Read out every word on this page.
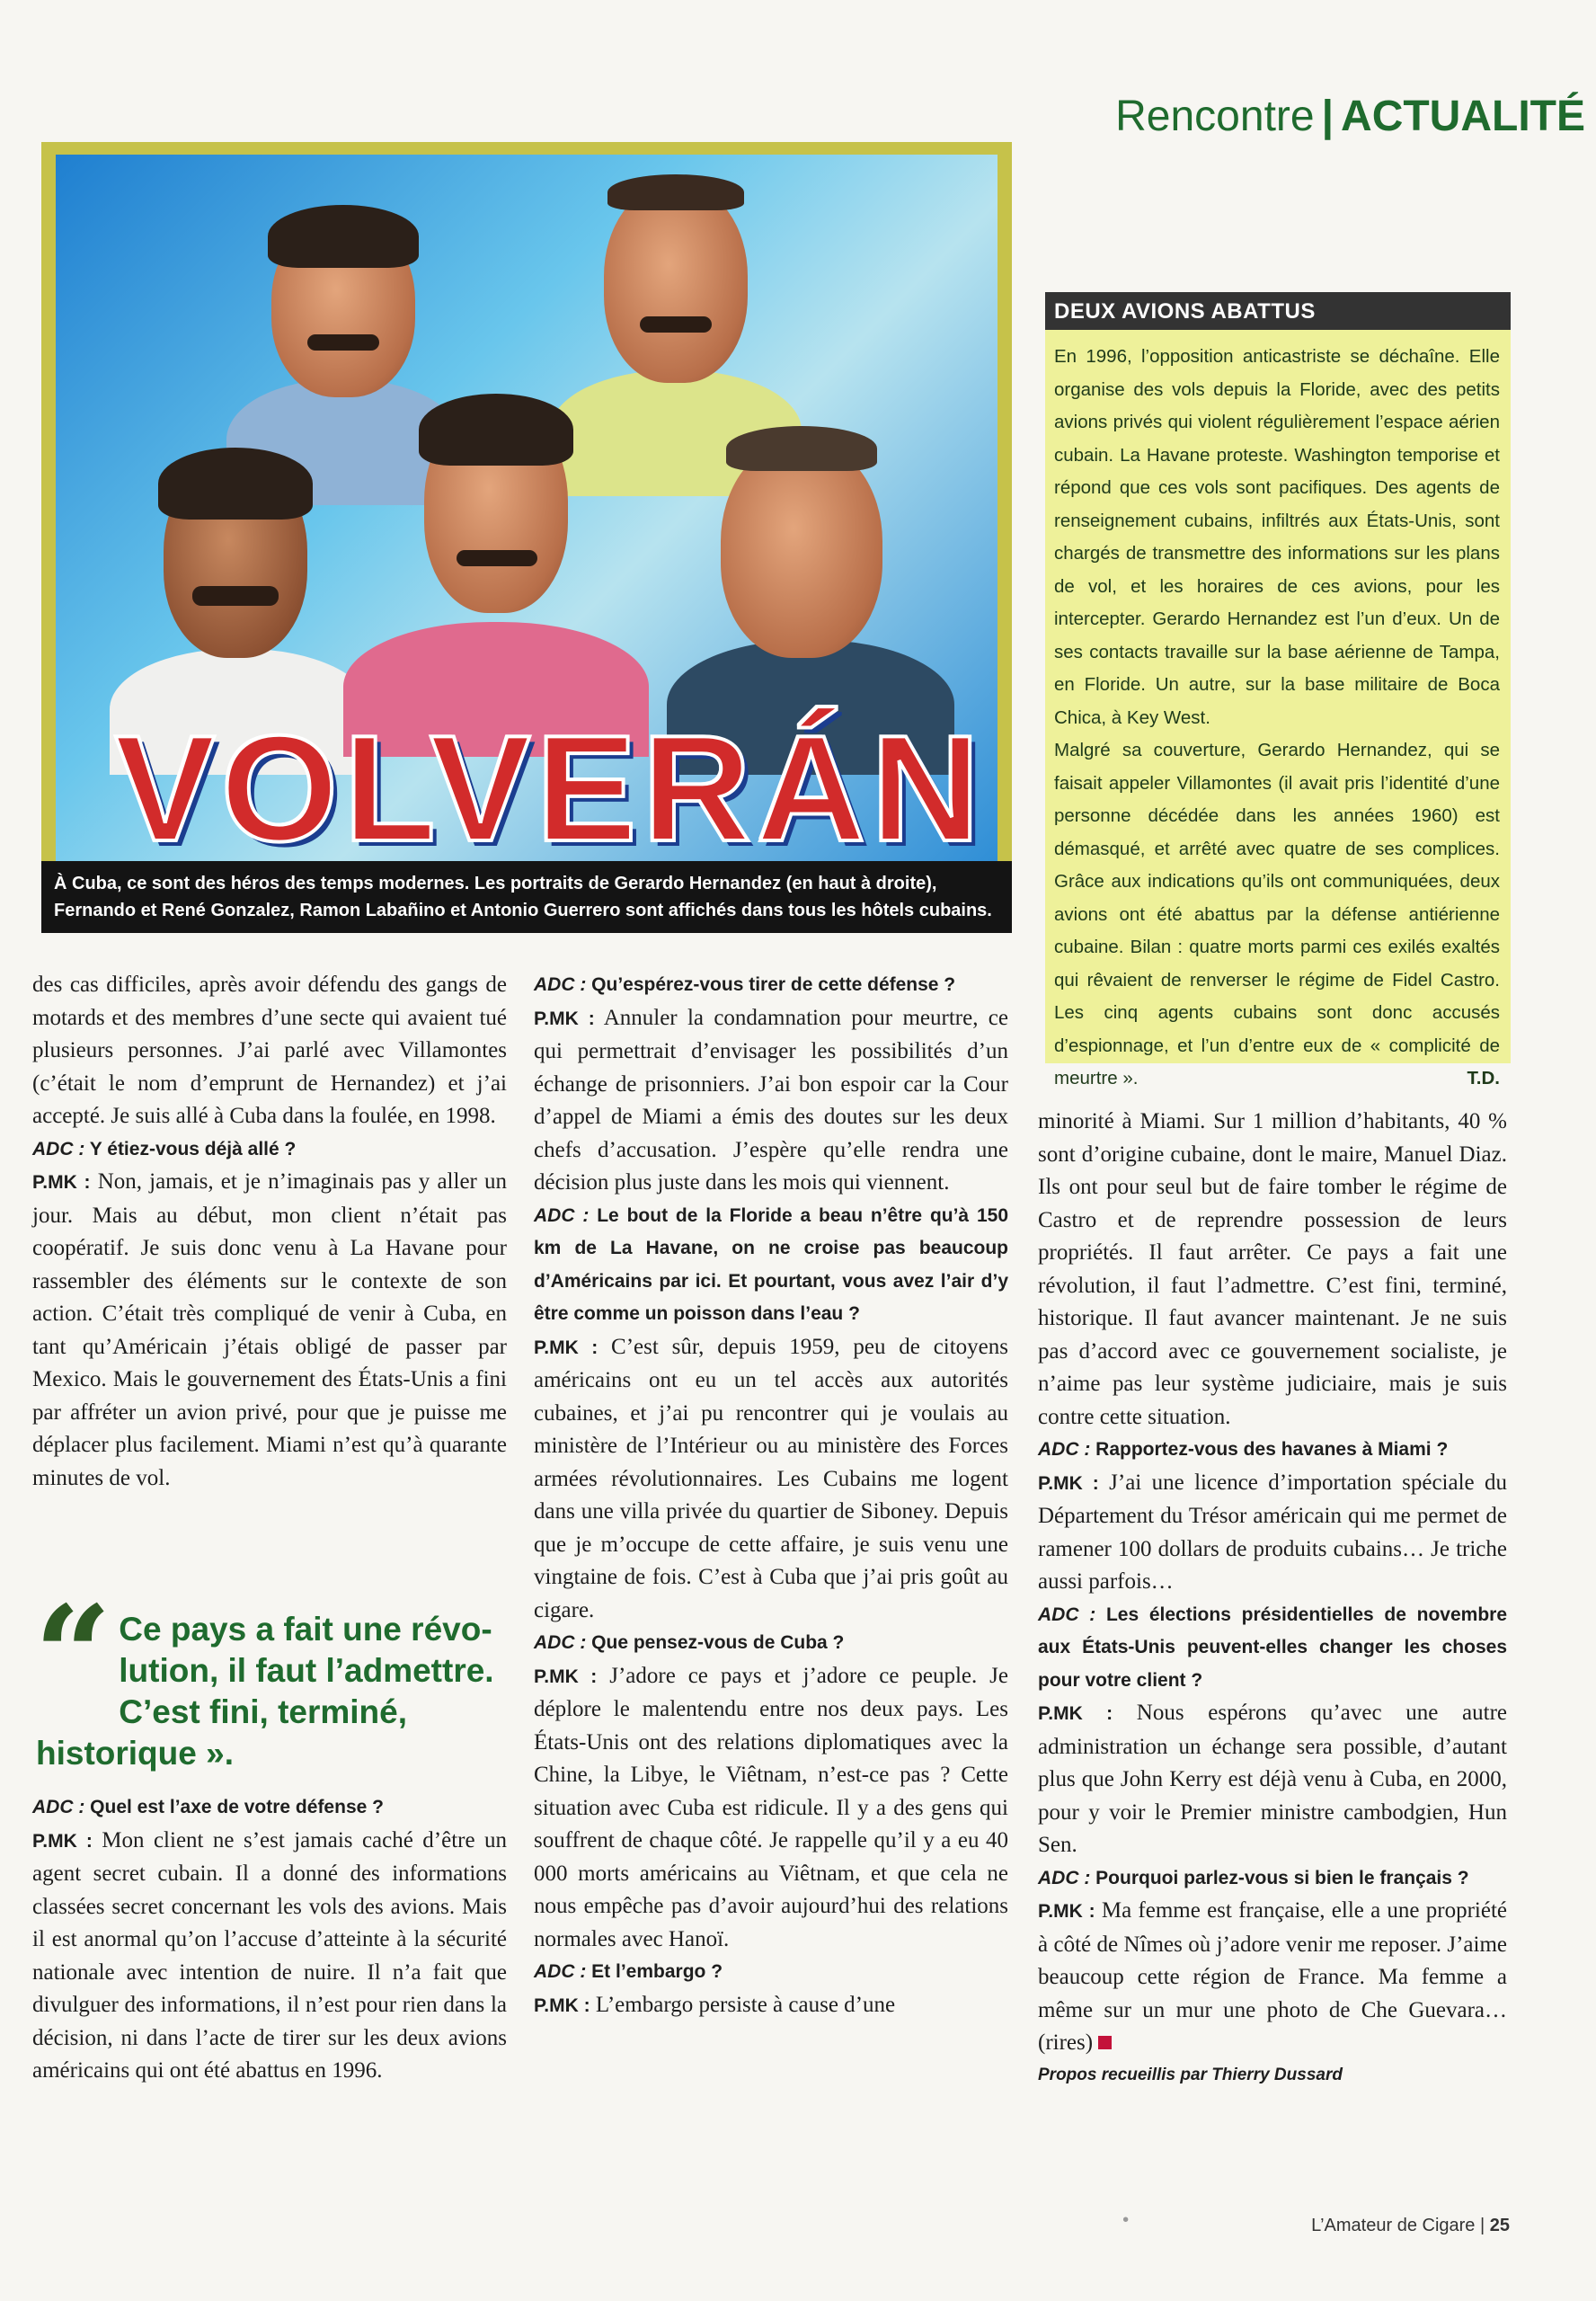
Rencontre | ACTUALITÉ
VOLVERÁN
À Cuba, ce sont des héros des temps modernes. Les portraits de Gerardo Hernandez (en haut à droite),
Fernando et René Gonzalez, Ramon Labañino et Antonio Guerrero sont affichés dans tous les hôtels cubains.
DEUX AVIONS ABATTUS

En 1996, l’opposition anticastriste se déchaîne. Elle organise des vols depuis la Floride, avec des petits avions privés qui violent régulièrement l’espace aérien cubain. La Havane proteste. Washington temporise et répond que ces vols sont pacifiques. Des agents de renseignement cubains, infiltrés aux États-Unis, sont chargés de transmettre des informations sur les plans de vol, et les horaires de ces avions, pour les intercepter. Gerardo Hernandez est l’un d’eux. Un de ses contacts travaille sur la base aérienne de Tampa, en Floride. Un autre, sur la base militaire de Boca Chica, à Key West.

Malgré sa couverture, Gerardo Hernandez, qui se faisait appeler Villamontes (il avait pris l’identité d’une personne décédée dans les années 1960) est démasqué, et arrêté avec quatre de ses complices. Grâce aux indications qu’ils ont communiquées, deux avions ont été abattus par la défense antiérienne cubaine. Bilan : quatre morts parmi ces exilés exaltés qui rêvaient de renverser le régime de Fidel Castro. Les cinq agents cubains sont donc accusés d’espionnage, et l’un d’entre eux de « complicité de meurtre ».	T.D.

des cas difficiles, après avoir défendu des gangs de motards et des membres d’une secte qui avaient tué plusieurs personnes. J’ai parlé avec Villamontes (c’était le nom d’emprunt de Hernandez) et j’ai accepté. Je suis allé à Cuba dans la foulée, en 1998.

ADC : Y étiez-vous déjà allé ?

P.MK : Non, jamais, et je n’imaginais pas y aller un jour. Mais au début, mon client n’était pas coopératif. Je suis donc venu à La Havane pour rassembler des éléments sur le contexte de son action. C’était très compliqué de venir à Cuba, en tant qu’Américain j’étais obligé de passer par Mexico. Mais le gouvernement des États-Unis a fini par affréter un avion privé, pour que je puisse me déplacer plus facilement. Miami n’est qu’à quarante minutes de vol.

“ Ce pays a fait une révo-
lution, il faut l’admettre.
C’est fini, terminé, historique ».

ADC : Quel est l’axe de votre défense ?

P.MK : Mon client ne s’est jamais caché d’être un agent secret cubain. Il a donné des informations classées secret concernant les vols des avions. Mais il est anormal qu’on l’accuse d’atteinte à la sécurité nationale avec intention de nuire. Il n’a fait que divulguer des informations, il n’est pour rien dans la décision, ni dans l’acte de tirer sur les deux avions américains qui ont été abattus en 1996.

ADC : Qu’espérez-vous tirer de cette défense ?

P.MK : Annuler la condamnation pour meurtre, ce qui permettrait d’envisager les possibilités d’un échange de prisonniers. J’ai bon espoir car la Cour d’appel de Miami a émis des doutes sur les deux chefs d’accusation. J’espère qu’elle rendra une décision plus juste dans les mois qui viennent.

ADC : Le bout de la Floride a beau n’être qu’à 150 km de La Havane, on ne croise pas beaucoup d’Américains par ici. Et pourtant, vous avez l’air d’y être comme un poisson dans l’eau ?

P.MK : C’est sûr, depuis 1959, peu de citoyens américains ont eu un tel accès aux autorités cubaines, et j’ai pu rencontrer qui je voulais au ministère de l’Intérieur ou au ministère des Forces armées révolutionnaires. Les Cubains me logent dans une villa privée du quartier de Siboney. Depuis que je m’occupe de cette affaire, je suis venu une vingtaine de fois. C’est à Cuba que j’ai pris goût au cigare.

ADC : Que pensez-vous de Cuba ?

P.MK : J’adore ce pays et j’adore ce peuple. Je déplore le malentendu entre nos deux pays. Les États-Unis ont des relations diplomatiques avec la Chine, la Libye, le Viêtnam, n’est-ce pas ? Cette situation avec Cuba est ridicule. Il y a des gens qui souffrent de chaque côté. Je rappelle qu’il y a eu 40 000 morts américains au Viêtnam, et que cela ne nous empêche pas d’avoir aujourd’hui des relations normales avec Hanoï.

ADC : Et l’embargo ?

P.MK : L’embargo persiste à cause d’une

minorité à Miami. Sur 1 million d’habitants, 40 % sont d’origine cubaine, dont le maire, Manuel Diaz. Ils ont pour seul but de faire tomber le régime de Castro et de reprendre possession de leurs propriétés. Il faut arrêter. Ce pays a fait une révolution, il faut l’admettre. C’est fini, terminé, historique. Il faut avancer maintenant. Je ne suis pas d’accord avec ce gouvernement socialiste, je n’aime pas leur système judiciaire, mais je suis contre cette situation.

ADC : Rapportez-vous des havanes à Miami ?

P.MK : J’ai une licence d’importation spéciale du Département du Trésor américain qui me permet de ramener 100 dollars de produits cubains… Je triche aussi parfois…

ADC : Les élections présidentielles de novembre aux États-Unis peuvent-elles changer les choses pour votre client ?

P.MK : Nous espérons qu’avec une autre administration un échange sera possible, d’autant plus que John Kerry est déjà venu à Cuba, en 2000, pour y voir le Premier ministre cambodgien, Hun Sen.

ADC : Pourquoi parlez-vous si bien le français ?

P.MK : Ma femme est française, elle a une propriété à côté de Nîmes où j’adore venir me reposer. J’aime beaucoup cette région de France. Ma femme a même sur un mur une photo de Che Guevara… (rires)

Propos recueillis par Thierry Dussard

•	L’Amateur de Cigare | 25
